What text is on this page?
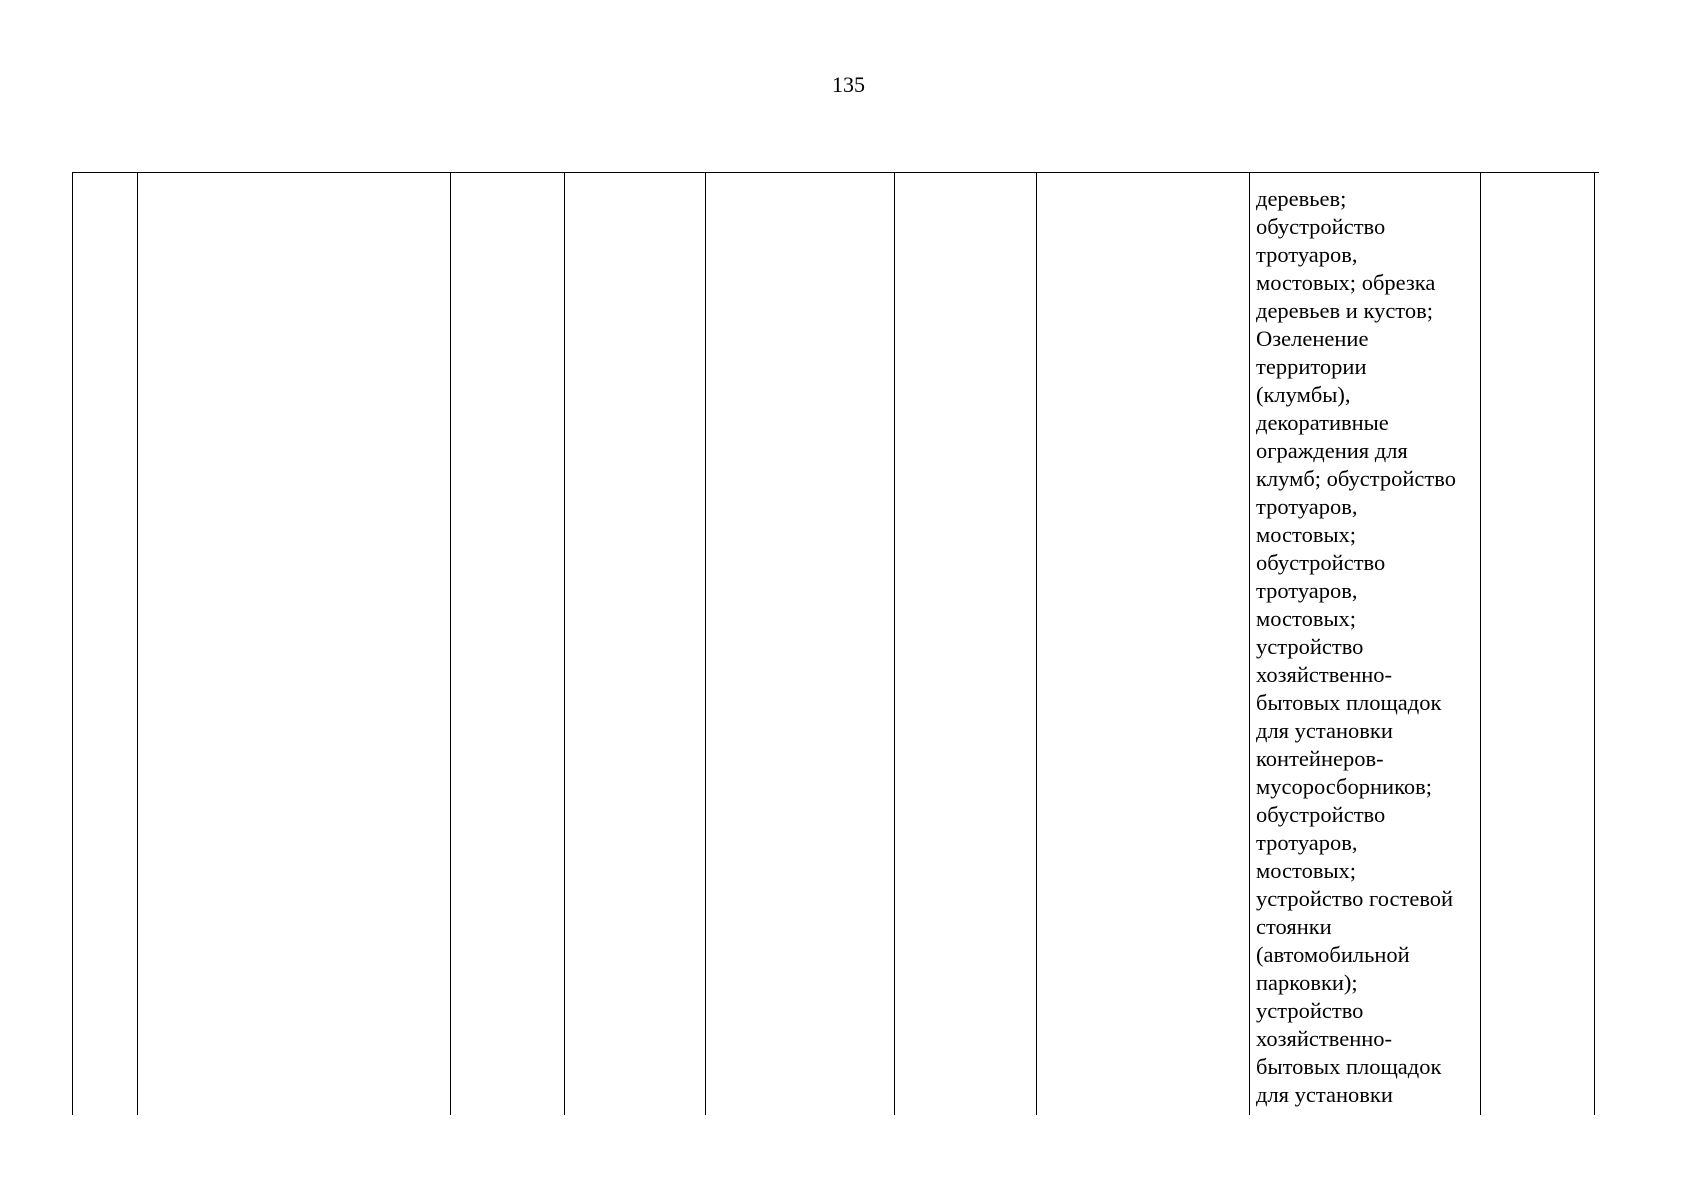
135
деревьев;
обустройство
тротуаров,
мостовых; обрезка
деревьев и кустов;
Озеленение
территории
(клумбы),
декоративные
ограждения для
клумб; обустройство
тротуаров,
мостовых;
обустройство
тротуаров,
мостовых;
устройство
хозяйственно-
бытовых площадок
для установки
контейнеров-
мусоросборников;
обустройство
тротуаров,
мостовых;
устройство гостевой
стоянки
(автомобильной
парковки);
устройство
хозяйственно-
бытовых площадок
для установки
